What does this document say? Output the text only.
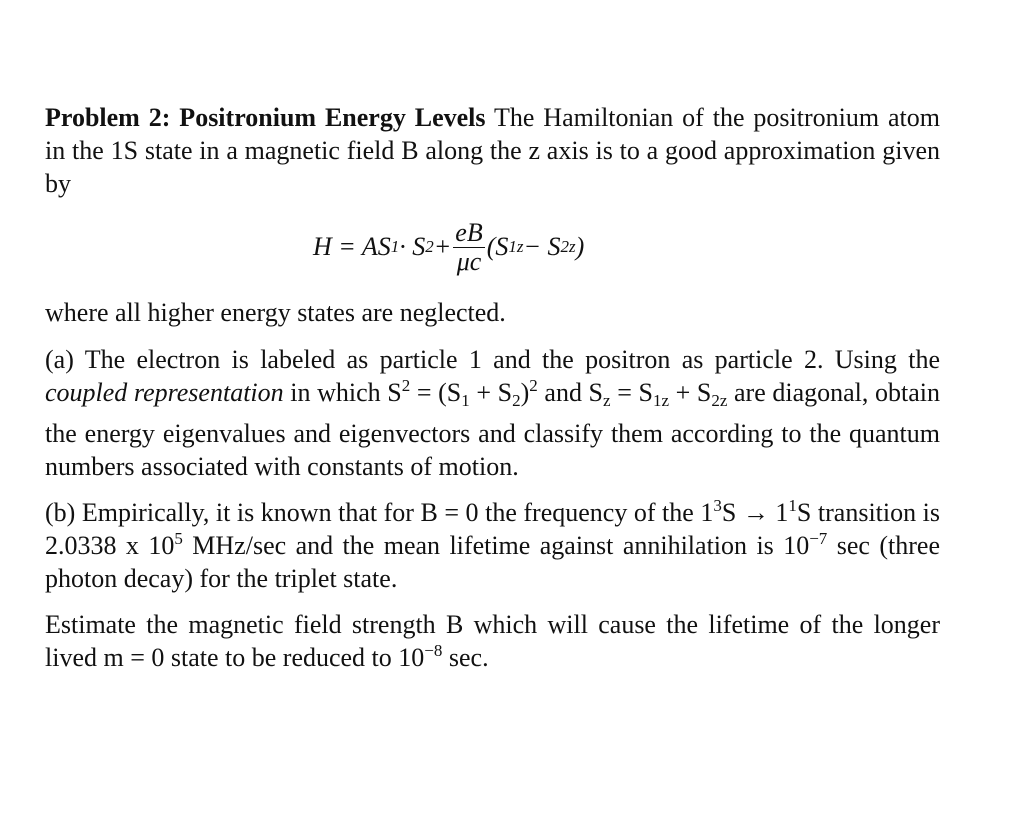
Problem 2: Positronium Energy Levels The Hamiltonian of the positronium atom in the 1S state in a magnetic field B along the z axis is to a good approximation given by

H = AS 1 · S $2 + \frac{eB}{\mu c} (S$ 1z − S 2z )

where all higher energy states are neglected.

(a) The electron is labeled as particle 1 and the positron as particle 2. Using the coupled representation in which $S^2 = (S_1 + S_2)^2$ and $S_z = S_{1z} + S_{2z}$ are diagonal, obtain the energy eigenvalues and eigenvectors and classify them according to the quantum numbers associated with constants of motion.

(b) Empirically, it is known that for B = 0 the frequency of the $1^3S \to 1^1S$ transition is 2.0338 x $10^5$ MHz/sec and the mean lifetime against annihilation is $10^{-7}$ sec (three photon decay) for the triplet state.

Estimate the magnetic field strength B which will cause the lifetime of the longer lived m = 0 state to be reduced to $10^{-8}$ sec.
